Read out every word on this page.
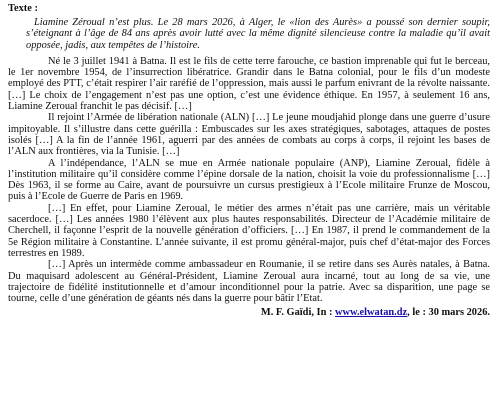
Texte :

Liamine Zéroual n’est plus. Le 28 mars 2026, à Alger, le «lion des Aurès» a poussé son dernier soupir, s’éteignant à l’âge de 84 ans après avoir lutté avec la même dignité silencieuse contre la maladie qu’il avait opposée, jadis, aux tempêtes de l’histoire.

Né le 3 juillet 1941 à Batna. Il est le fils de cette terre farouche, ce bastion imprenable qui fut le berceau, le 1er novembre 1954, de l’insurrection libératrice. Grandir dans le Batna colonial, pour le fils d’un modeste employé des PTT, c’était respirer l’air raréfié de l’oppression, mais aussi le parfum enivrant de la révolte naissante. […] Le choix de l’engagement n’est pas une option, c’est une évidence éthique. En 1957, à seulement 16 ans, Liamine Zeroual franchit le pas décisif. […]

Il rejoint l’Armée de libération nationale (ALN) […] Le jeune moudjahid plonge dans une guerre d’usure impitoyable. Il s’illustre dans cette guérilla : Embuscades sur les axes stratégiques, sabotages, attaques de postes isolés […] A la fin de l’année 1961, aguerri par des années de combats au corps à corps, il rejoint les bases de l’ALN aux frontières, via la Tunisie. […]

A l’indépendance, l’ALN se mue en Armée nationale populaire (ANP), Liamine Zeroual, fidèle à l’institution militaire qu’il considère comme l’épine dorsale de la nation, choisit la voie du professionnalisme […] Dès 1963, il se forme au Caire, avant de poursuivre un cursus prestigieux à l’Ecole militaire Frunze de Moscou, puis à l’Ecole de Guerre de Paris en 1969.

[…] En effet, pour Liamine Zeroual, le métier des armes n’était pas une carrière, mais un véritable sacerdoce. […] Les années 1980 l’élèvent aux plus hautes responsabilités. Directeur de l’Académie militaire de Cherchell, il façonne l’esprit de la nouvelle génération d’officiers. […] En 1987, il prend le commandement de la 5e Région militaire à Constantine. L’année suivante, il est promu général-major, puis chef d’état-major des Forces terrestres en 1989.

[…] Après un intermède comme ambassadeur en Roumanie, il se retire dans ses Aurès natales, à Batna. Du maquisard adolescent au Général-Président, Liamine Zeroual aura incarné, tout au long de sa vie, une trajectoire de fidélité institutionnelle et d’amour inconditionnel pour la patrie. Avec sa disparition, une page se tourne, celle d’une génération de géants nés dans la guerre pour bâtir l’Etat.

M. F. Gaïdi, In : www.elwatan.dz, le : 30 mars 2026.
